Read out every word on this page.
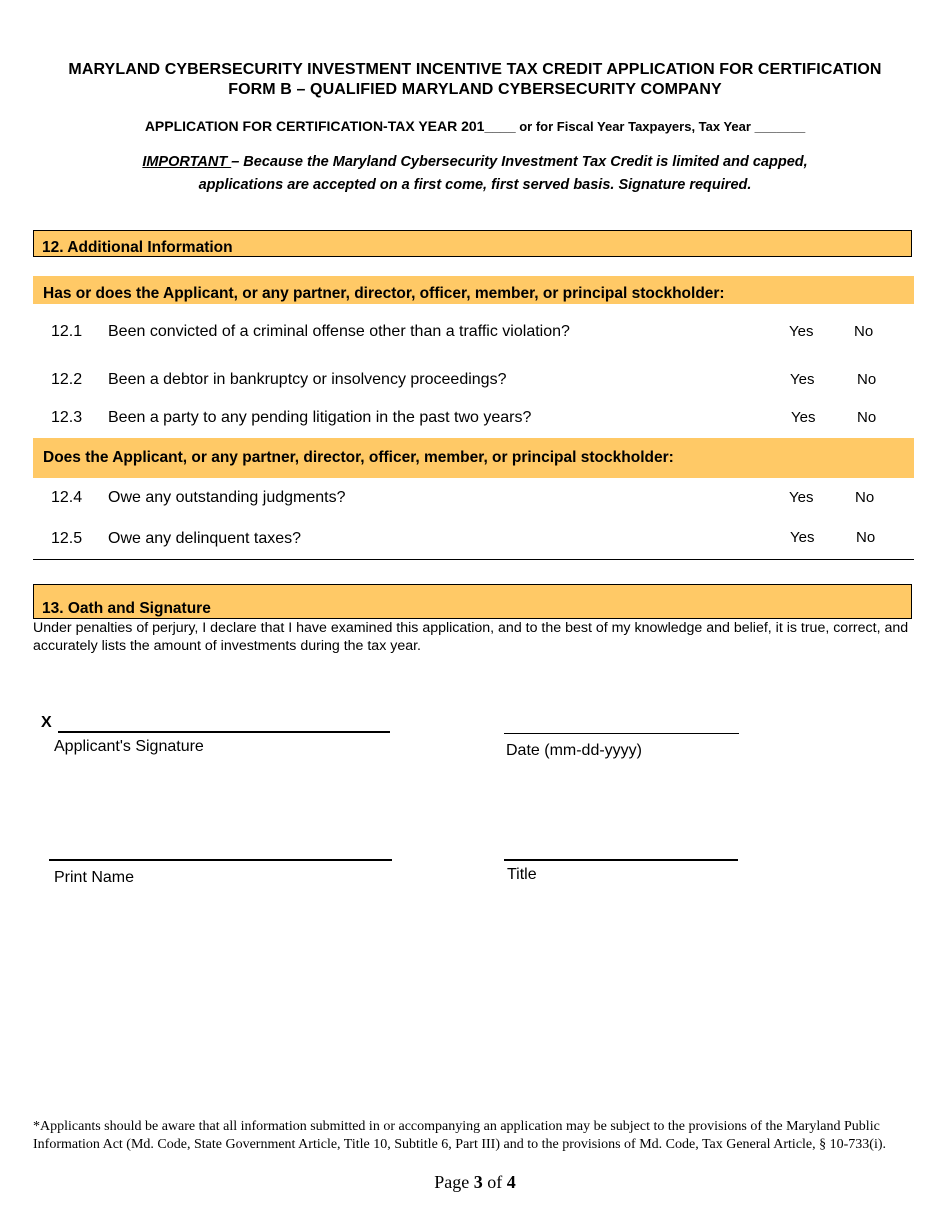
MARYLAND CYBERSECURITY INVESTMENT INCENTIVE TAX CREDIT APPLICATION FOR CERTIFICATION
FORM B – QUALIFIED MARYLAND CYBERSECURITY COMPANY
APPLICATION FOR CERTIFICATION-TAX YEAR 201____ or for Fiscal Year Taxpayers, Tax Year _______
IMPORTANT – Because the Maryland Cybersecurity Investment Tax Credit is limited and capped,
applications are accepted on a first come, first served basis. Signature required.
12. Additional Information
Has or does the Applicant, or any partner, director, officer, member, or principal stockholder:
12.1 Been convicted of a criminal offense other than a traffic violation?	Yes	No
12.2 Been a debtor in bankruptcy or insolvency proceedings?	Yes	No
12.3 Been a party to any pending litigation in the past two years?	Yes	No
Does the Applicant, or any partner, director, officer, member, or principal stockholder:
12.4 Owe any outstanding judgments?	Yes	No
12.5 Owe any delinquent taxes?	Yes	No
13. Oath and Signature
Under penalties of perjury, I declare that I have examined this application, and to the best of my knowledge and belief, it is true, correct, and accurately lists the amount of investments during the tax year.
X
Applicant's Signature	Date (mm-dd-yyyy)
Print Name	Title
*Applicants should be aware that all information submitted in or accompanying an application may be subject to the provisions of the Maryland Public Information Act (Md. Code, State Government Article, Title 10, Subtitle 6, Part III) and to the provisions of Md. Code, Tax General Article, § 10-733(i).
Page 3 of 4
